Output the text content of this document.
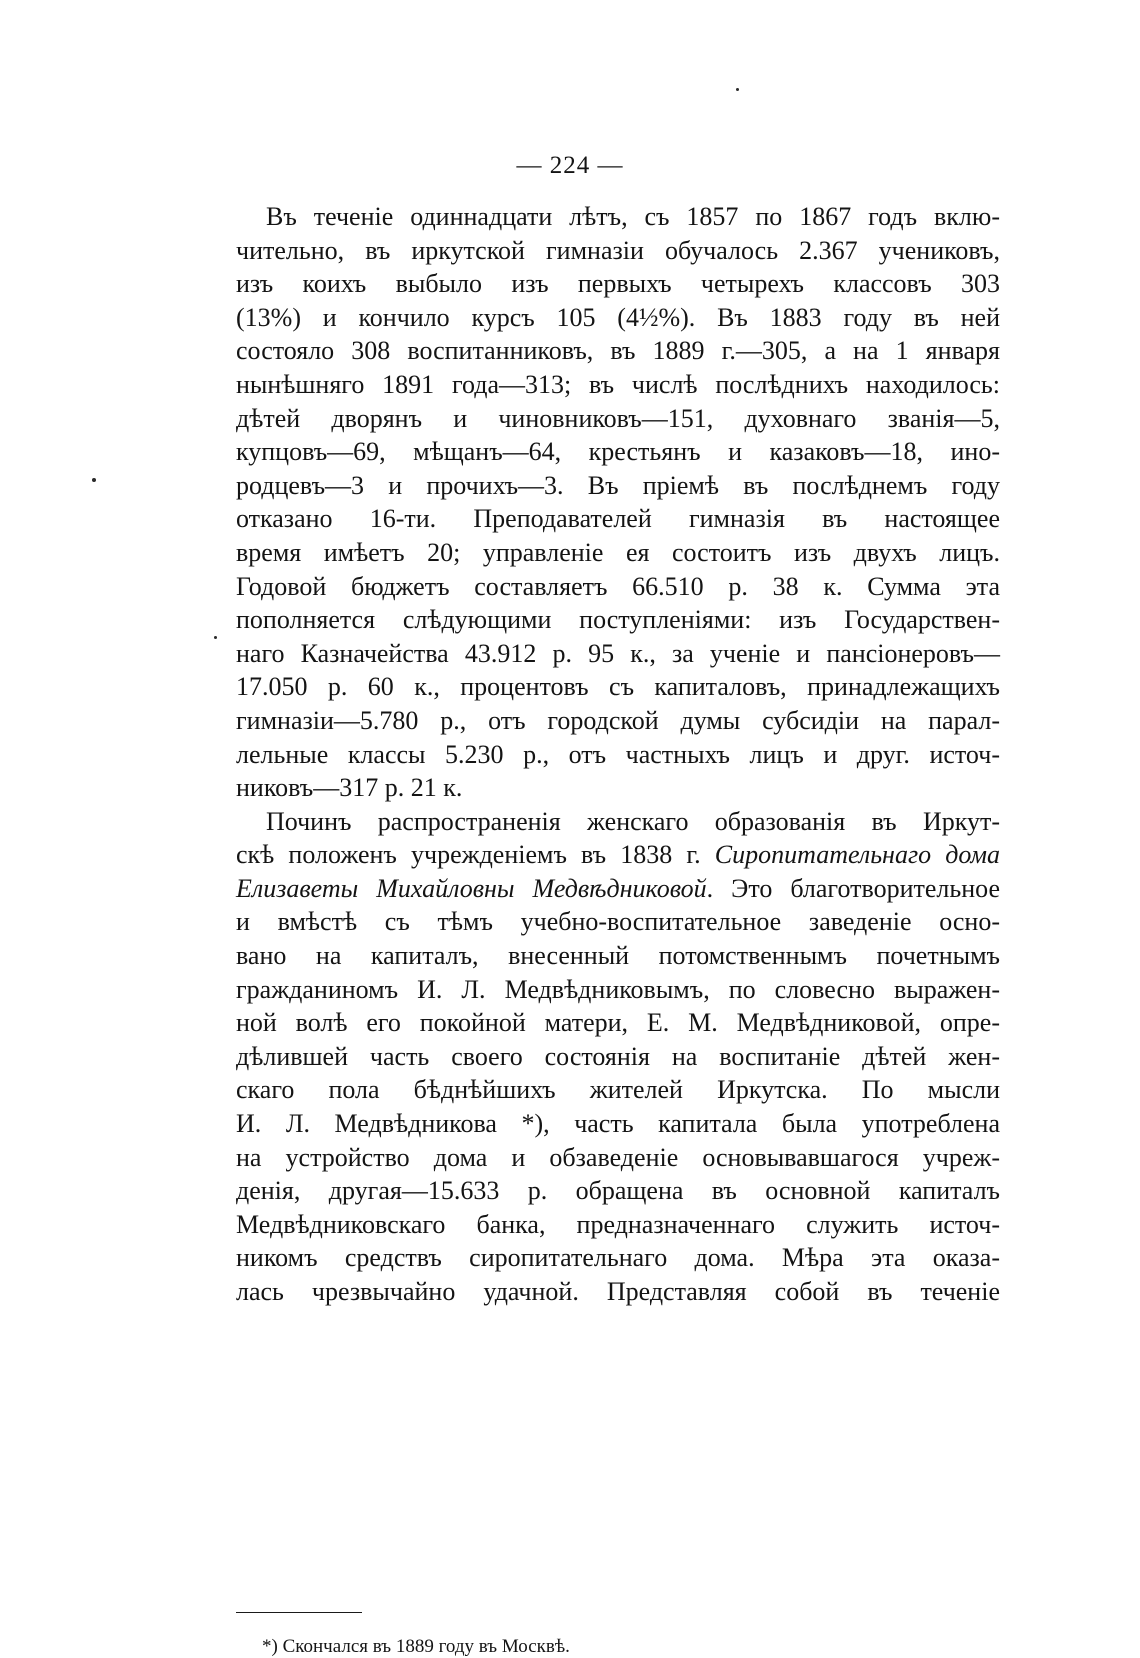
— 224 —
Въ теченіе одиннадцати лѣтъ, съ 1857 по 1867 годъ вклю-
чительно, въ иркутской гимназіи обучалось 2.367 учениковъ,
изъ коихъ выбыло изъ первыхъ четырехъ классовъ 303
(13%) и кончило курсъ 105 (4½%). Въ 1883 году въ ней
состояло 308 воспитанниковъ, въ 1889 г.—305, а на 1 января
нынѣшняго 1891 года—313; въ числѣ послѣднихъ находилось:
дѣтей дворянъ и чиновниковъ—151, духовнаго званія—5,
купцовъ—69, мѣщанъ—64, крестьянъ и казаковъ—18, ино-
родцевъ—3 и прочихъ—3. Въ пріемѣ въ послѣднемъ году
отказано 16-ти. Преподавателей гимназія въ настоящее
время имѣетъ 20; управленіе ея состоитъ изъ двухъ лицъ.
Годовой бюджетъ составляетъ 66.510 р. 38 к. Сумма эта
пополняется слѣдующими поступленіями: изъ Государствен-
наго Казначейства 43.912 р. 95 к., за ученіе и пансіонеровъ—
17.050 р. 60 к., процентовъ съ капиталовъ, принадлежащихъ
гимназіи—5.780 р., отъ городской думы субсидіи на парал-
лельные классы 5.230 р., отъ частныхъ лицъ и друг. источ-
никовъ—317 р. 21 к.
Починъ распространенія женскаго образованія въ Иркут-
скѣ положенъ учрежденіемъ въ 1838 г. Сиропитательнаго дома
Елизаветы Михайловны Медвѣдниковой. Это благотворительное
и вмѣстѣ съ тѣмъ учебно-воспитательное заведеніе осно-
вано на капиталъ, внесенный потомственнымъ почетнымъ
гражданиномъ И. Л. Медвѣдниковымъ, по словесно выражен-
ной волѣ его покойной матери, Е. М. Медвѣдниковой, опре-
дѣлившей часть своего состоянія на воспитаніе дѣтей жен-
скаго пола бѣднѣйшихъ жителей Иркутска. По мысли
И. Л. Медвѣдникова *), часть капитала была употреблена
на устройство дома и обзаведеніе основывавшагося учреж-
денія, другая—15.633 р. обращена въ основной капиталъ
Медвѣдниковскаго банка, предназначеннаго служить источ-
никомъ средствъ сиропитательнаго дома. Мѣра эта оказа-
лась чрезвычайно удачной. Представляя собой въ теченіе
*) Скончался въ 1889 году въ Москвѣ.
